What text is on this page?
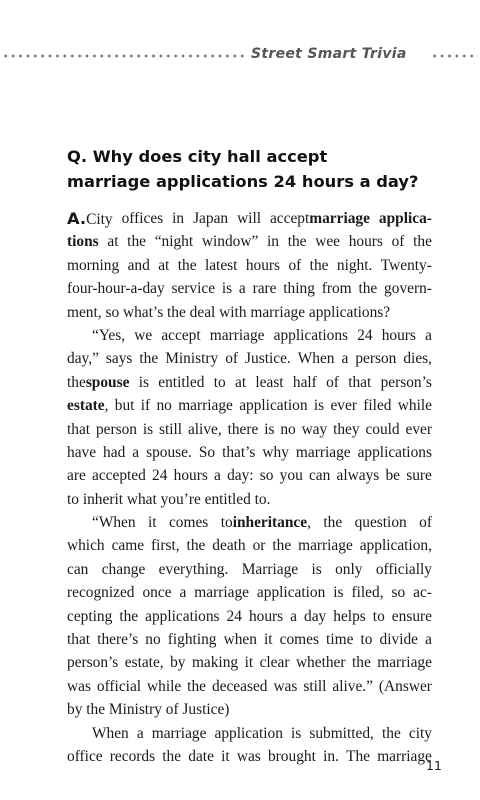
Street Smart Trivia
Q. Why does city hall accept
marriage applications 24 hours a day?
A.City offices in Japan will acceptmarriage applica-
tions at the “night window” in the wee hours of the
morning and at the latest hours of the night. Twenty-
four-hour-a-day service is a rare thing from the govern-
ment, so what’s the deal with marriage applications?
“Yes, we accept marriage applications 24 hours a
day,” says the Ministry of Justice. When a person dies,
thespouse is entitled to at least half of that person’s
estate, but if no marriage application is ever filed while
that person is still alive, there is no way they could ever
have had a spouse. So that’s why marriage applications
are accepted 24 hours a day: so you can always be sure
to inherit what you’re entitled to.
“When it comes toinheritance, the question of
which came first, the death or the marriage application,
can change everything. Marriage is only officially
recognized once a marriage application is filed, so ac-
cepting the applications 24 hours a day helps to ensure
that there’s no fighting when it comes time to divide a
person’s estate, by making it clear whether the marriage
was official while the deceased was still alive.” (Answer
by the Ministry of Justice)
When a marriage application is submitted, the city
office records the date it was brought in. The marriage
11
